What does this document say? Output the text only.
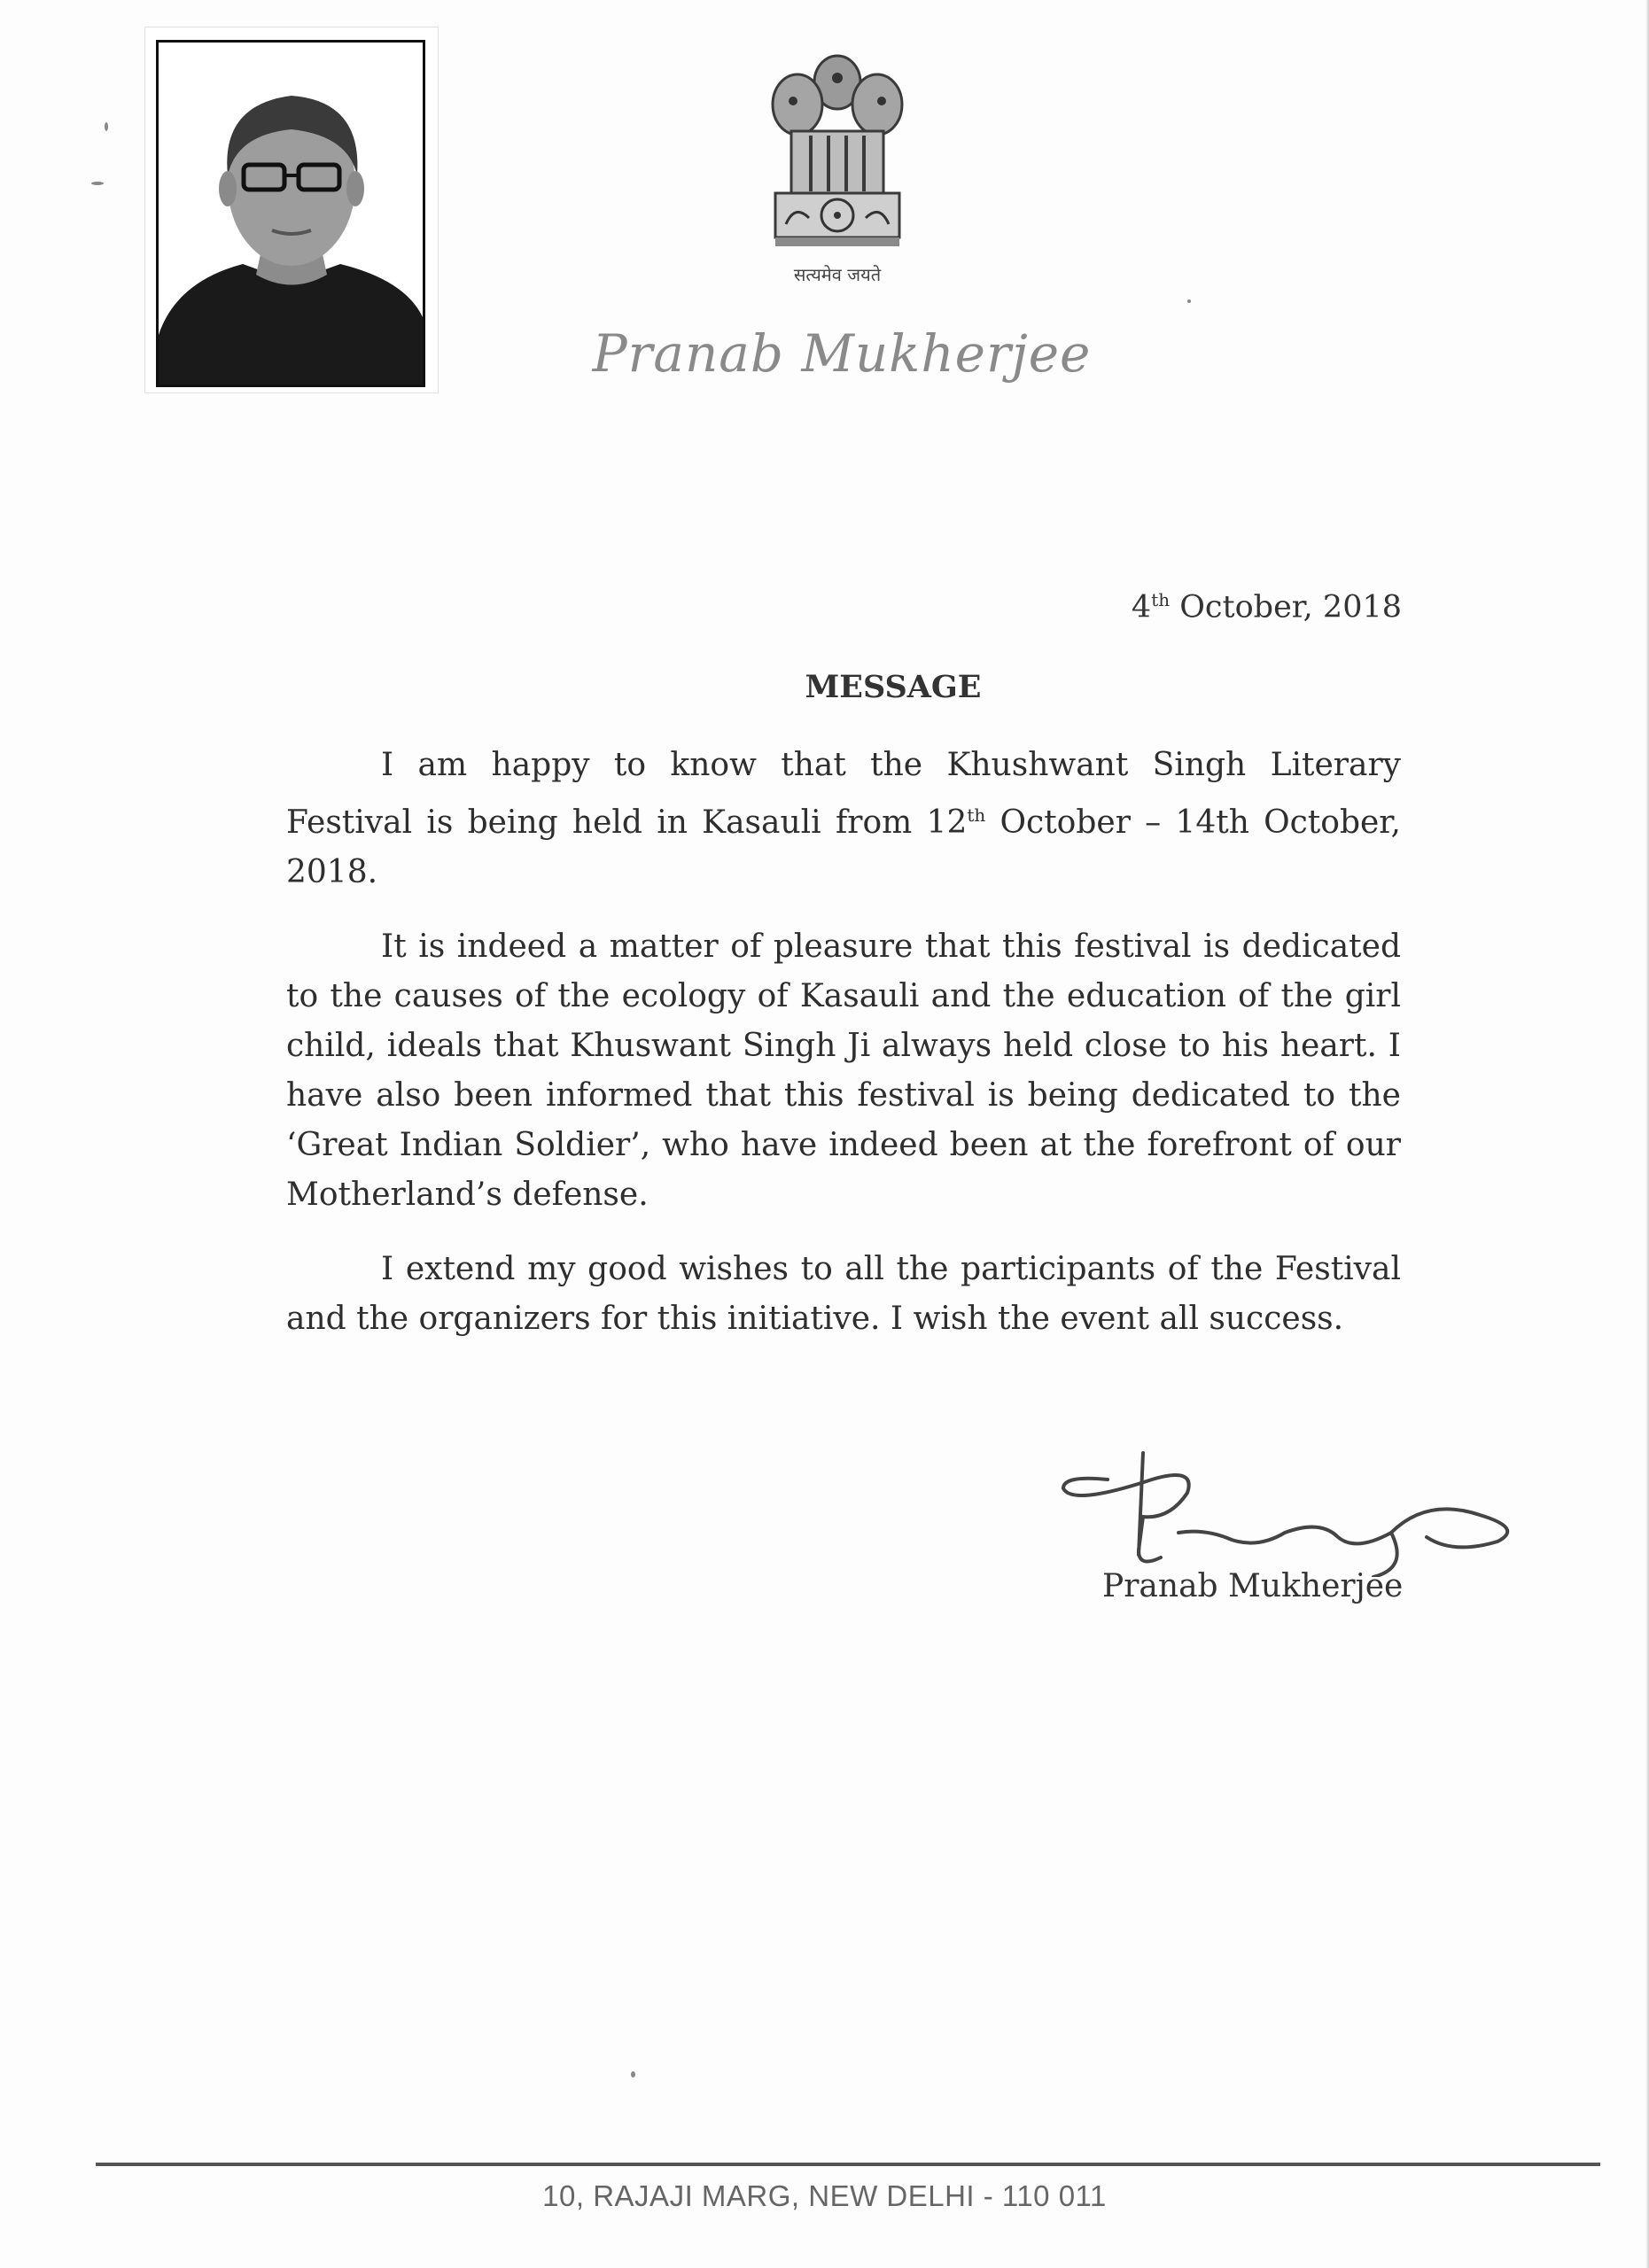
सत्यमेव जयते
Pranab Mukherjee
4th October, 2018
MESSAGE

I am happy to know that the Khushwant Singh Literary Festival is being held in Kasauli from 12th October – 14th October, 2018.

It is indeed a matter of pleasure that this festival is dedicated to the causes of the ecology of Kasauli and the education of the girl child, ideals that Khuswant Singh Ji always held close to his heart. I have also been informed that this festival is being dedicated to the ‘Great Indian Soldier’, who have indeed been at the forefront of our Motherland’s defense.

I extend my good wishes to all the participants of the Festival and the organizers for this initiative. I wish the event all success.

Pranab Mukherjee
10, RAJAJI MARG, NEW DELHI - 110 011
